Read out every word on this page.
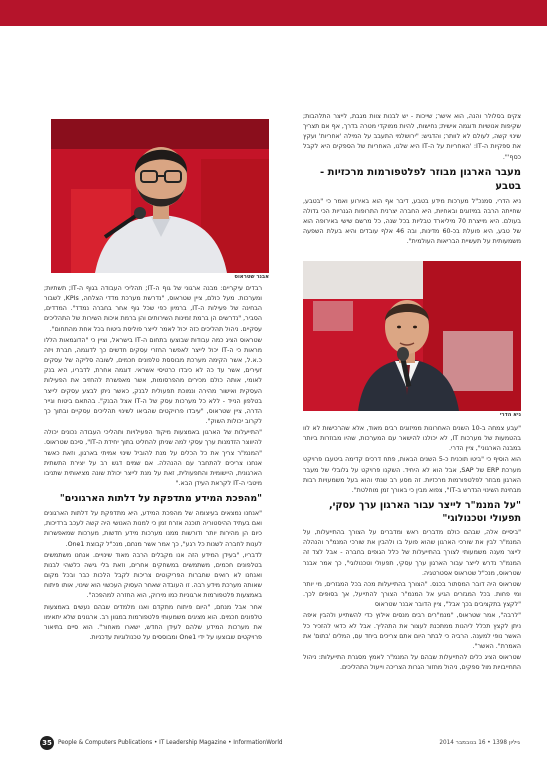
צקים בסלולר והנה, הוא אישר; שייכות - יש לבנות צוות מגבת, לייצר התלהבות; שקיפות אנושיות ודוגמה אישית; נחישות, להיות ממוקדי מטרה בדרך, אף אם תצריך שינוי קשה, לעולם לא לוותר; והדגיש: "ירושלמי התעבב על המילה 'אחריות' ועקץ את ספקיות ה-IT: 'האחריות על ה-IT היא שלנו, האחריות של הספקים היא לקבל כסף'".

מעבר הארגון מבוזר לפלטפורמות מרכזיות - בטבע

ניא הדרי, סמנכ"ל מערכות מידע בטבע, דיבר אף הוא באירוע ואמר כי "בטבע, שחייתה הרבה במיזוגים ובאחיות, היא החברה יצרנית התרופות הגנריות הכי גדולה בעולם. היא מייצרת 70 מיליארד טבליות בכל שנה, כל מרשם שישי באירופה הוא של טבע, היא פועלת בכ-60 מדינות, ובה 46 אלף עובדים והיא בעלת השפעה משמעותית על תעשיית הבריאות העולמית".

ניא הדרי

"עבע צמחה ב-10 השנים האחרונות ממיזוגים רבים מאוד, אלא שהרכישות לא לוו בהטמעות של מערכות IT, לא יכולנו להישאר עם המערכות, שהיו מבוזרות ביותר במבנה הארגוני", ציין הדרי.

הוא הוסיף כי "ביטו תוכנית כ-5 השנים הבאות, פתח דרכים קדימה ביטעבו פרויקט מערכת ERP של SAP, אבל הוא לא היחיד. השקנו פרויקט על גלובלי של מעבר הארגון מבוזר לפלטפורמות מרכזיות. זה מסע רב שנתי והוא בעל משמעויות רבות מבחינת השינוי הנדרש ב-IT", צפוא מבין כי באורך זמן מוחלטת".

"על המנמ"ר לייצר עבור הארגון ערך עסקי, תפעולי וטכנולוגי"

"ביסיים אלה, שבהם כולם מדברים ראש ומדברים על הצורך בהתייעלות, על המנמ"ר לבין את שורכי הארגון שהוא פועל בו ולהבין את שורכי המנמ"ר והנהלה לייצר מענה משמעותי לצורך בהתייעלות של כלל הגופים בחברה - אבל לצד זה המנמ"ר נדרש לייצר עבור הארגון ערך עסקי, תפעולי וטכנולוגי", כך אמר אבנר שטראוס, מנכ"ל שטראוס אסטרטגיה.

שטראוס היה דובר המסתור בכנס. "הצורך בהתייעלות מכה בכל המגזרים, מי יותר ומי פחות. בכל המגזרים הגיע אל המנמ"ר הצורך להתייעל, אך בסופים לכך. "לקצץ בתקציבים בכך אבל", ציין הדובר אבנר שטראוס

"לרבה", אמר שטראוס, "מנמ"רים רבים מנסים אילוץ כדי להשתייע ולהבין איפה ניתן לקצץ תכלל ליהנות ממתכנת לעצור את התהליך. אבל לא כדאי להזכיר כל האשר נופי למענה. הרביה כי לבתר היום אתם צריכים ביחד עם, המלים 'בתום' את האמרת". האשר".

שטראוס הציג כלים להתייעלות שבהם על המנמ"ר לאמץ מסגרת התייעלות: ניהול התחייבויות מול ספקים, ניהול מחזור הגרות הצריכה וייעול התהליכים.

אבנר שטראוס

רבדים עיקריים: מבנה ארגוני של גוף ה-IT; תהליכי העבודה בגוף ה-IT; תשתיות; ומערכות. מעל כולם, ציין שטראוס, "נדרשת מערכת מדדי הצלחה, KPIs, לשבור הבחינה של פעילות ה-IT, ברמיון כפי שכל גוף אחר בחברה נמדד". המדדים, הסביר, "נדרשים הן ברמת זמינות השירותים והן ברמת איכות השירות של התהליכים עסקיים. ניהול תהליכים כזה יכול לאמר לייצר פוליסת ביטוח בכל אחת מהתחום".

שטראוס הציג כמה עבודות שבוצעו בתחום ה-IT בישראל, וציין כי "הדוגמאות הללו מראות כי ה-IT יכול לייצר לאפשר החזרי עסקים חדשים כך לדוגמה, חברת ויזה כ.א.ל, אשר הקימה מערכת מבוססת טלפונים חכמים, לשובה סליקה של עסקים זעירים, אשר עד כה לא כיבדו כרטיסי אשראי. דוגמה אחרת, לדבריו, היא בנק לאומי, אותה כולם מכירים מהפרסומות, אשר מאפשרת להחזיב את הפעילות העסקית ואישור מהירה ונמוכת תפעולית לבנק, כאשר ניתן לבצע עסקים לייצר בטלפון הנייד - ללא כל מערכות עסק של ה-IT אצל הבנק". בהתאם ביטוח וגייר הדרה, ציין שטראוס, "עיבדו פרויקטים שהביאו לשינוי תהליכים עסקיים ובתוך כך לקרוב יכולות השוק".

"התייעלות של הארגון באמצעות מיקוד הפעילויות ותהליכי העבודה נכונים יכולה להיווצר הזדמנות ערך עסקי למה שניתן להחליט בתוך יחידת ה-IT", סיכם שטראוס. "המנמ"ר צריך את כל הכלים על מנת להוביל שינוי אמיתי בארגון, וזאת כאשר אנחנו צריכים להתחבר עם ההנהלה. אם שמים דגש רב על יצירת התשתית הארגונית, היישומית והתפעולית, זאת על מנת לייצר יכולת שונה מציאותית שתניבו מיטבי ה-IT לקראת העידן הבא."

"מהפכת המידע מתדפקת על דלתות הארגונים"

"אנחנו נמצאים בעיצומה של מהפכת המידע, היא מתדפקת על דלתות הארגונים ואם בעתיד ההיסטוריה תוכנה אזרח זמן כי למנות האנושי היה קשה לעכב ברדיכות, כיום הן מהירות יותר ודורשות ממנו מערכות מידע חדשות, מערכות שמאפשרות לענות לחברה לשנות כל רגע", כך אמר אשר מנחם, מנכ"ל קבוצת One1.

לדבריו, "בעידן המידע הזה אנו מקבלים הרבה מאוד שינויים. אנחנו משתמשים בטלפונים חכמים, משתמשים במשחקים אחרים, וזאת בלי גישה כלשהי לבנות ואנחנו לא רואים שחברות הפריקוטים צריכות לקבל הלכות כבר ובכל מקום שאותה מערכת מידע רבה. זו העובדה שאחר העסוק העכשוי הוא שינוי, אותו פיתוח באמצעות פלטפורמות ארגוניות כמו מירוק, הוא החזרה למהפכה".

אחר אבל מנחם, "היום פיתוח מתקדם ואנו מלמדים שבהם נעשים באמצעות טלפונים חכמים. הוא מציגים משמעותי פלטפורמות במגוון רב. ארגונים שלא יתאימו את מערכות המידע שלהם לעידן החדש, ישארו מאחור". הוא סיים בתיאור פרויקטים שבוצעו על ידי One1 ומבוססים על טכנולוגיות עדכניות.

35	People & Computers Publications • IT Leadership Magazine • InformationWorld	גיליון 1398 • 16 בנובמבר 2014
